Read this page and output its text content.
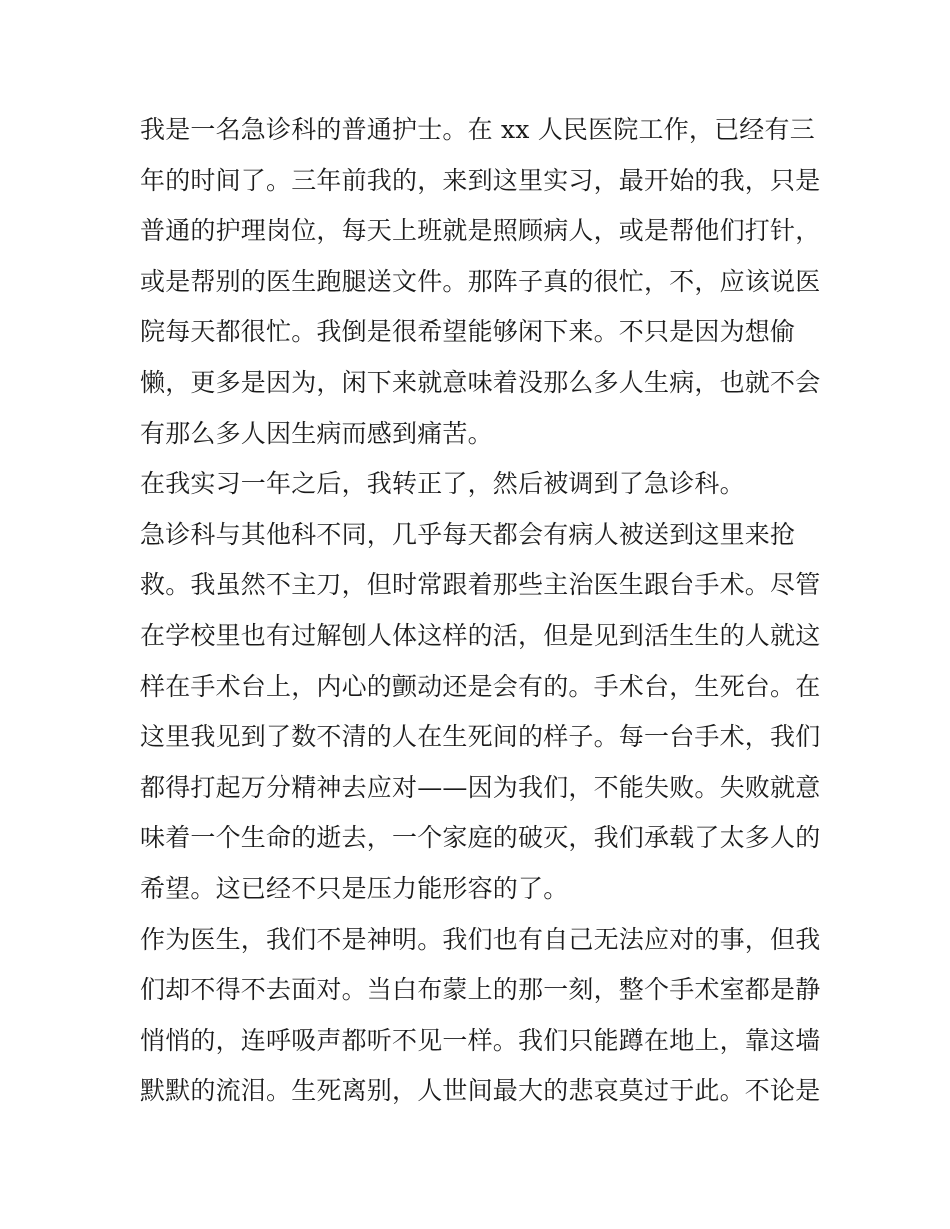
我是一名急诊科的普通护士。在 xx 人民医院工作，已经有三
年的时间了。三年前我的，来到这里实习，最开始的我，只是
普通的护理岗位，每天上班就是照顾病人，或是帮他们打针，
或是帮别的医生跑腿送文件。那阵子真的很忙，不，应该说医
院每天都很忙。我倒是很希望能够闲下来。不只是因为想偷
懒，更多是因为，闲下来就意味着没那么多人生病，也就不会
有那么多人因生病而感到痛苦。
在我实习一年之后，我转正了，然后被调到了急诊科。
急诊科与其他科不同，几乎每天都会有病人被送到这里来抢
救。我虽然不主刀，但时常跟着那些主治医生跟台手术。尽管
在学校里也有过解刨人体这样的活，但是见到活生生的人就这
样在手术台上，内心的颤动还是会有的。手术台，生死台。在
这里我见到了数不清的人在生死间的样子。每一台手术，我们
都得打起万分精神去应对——因为我们，不能失败。失败就意
味着一个生命的逝去，一个家庭的破灭，我们承载了太多人的
希望。这已经不只是压力能形容的了。
作为医生，我们不是神明。我们也有自己无法应对的事，但我
们却不得不去面对。当白布蒙上的那一刻，整个手术室都是静
悄悄的，连呼吸声都听不见一样。我们只能蹲在地上，靠这墙
默默的流泪。生死离别，人世间最大的悲哀莫过于此。不论是
